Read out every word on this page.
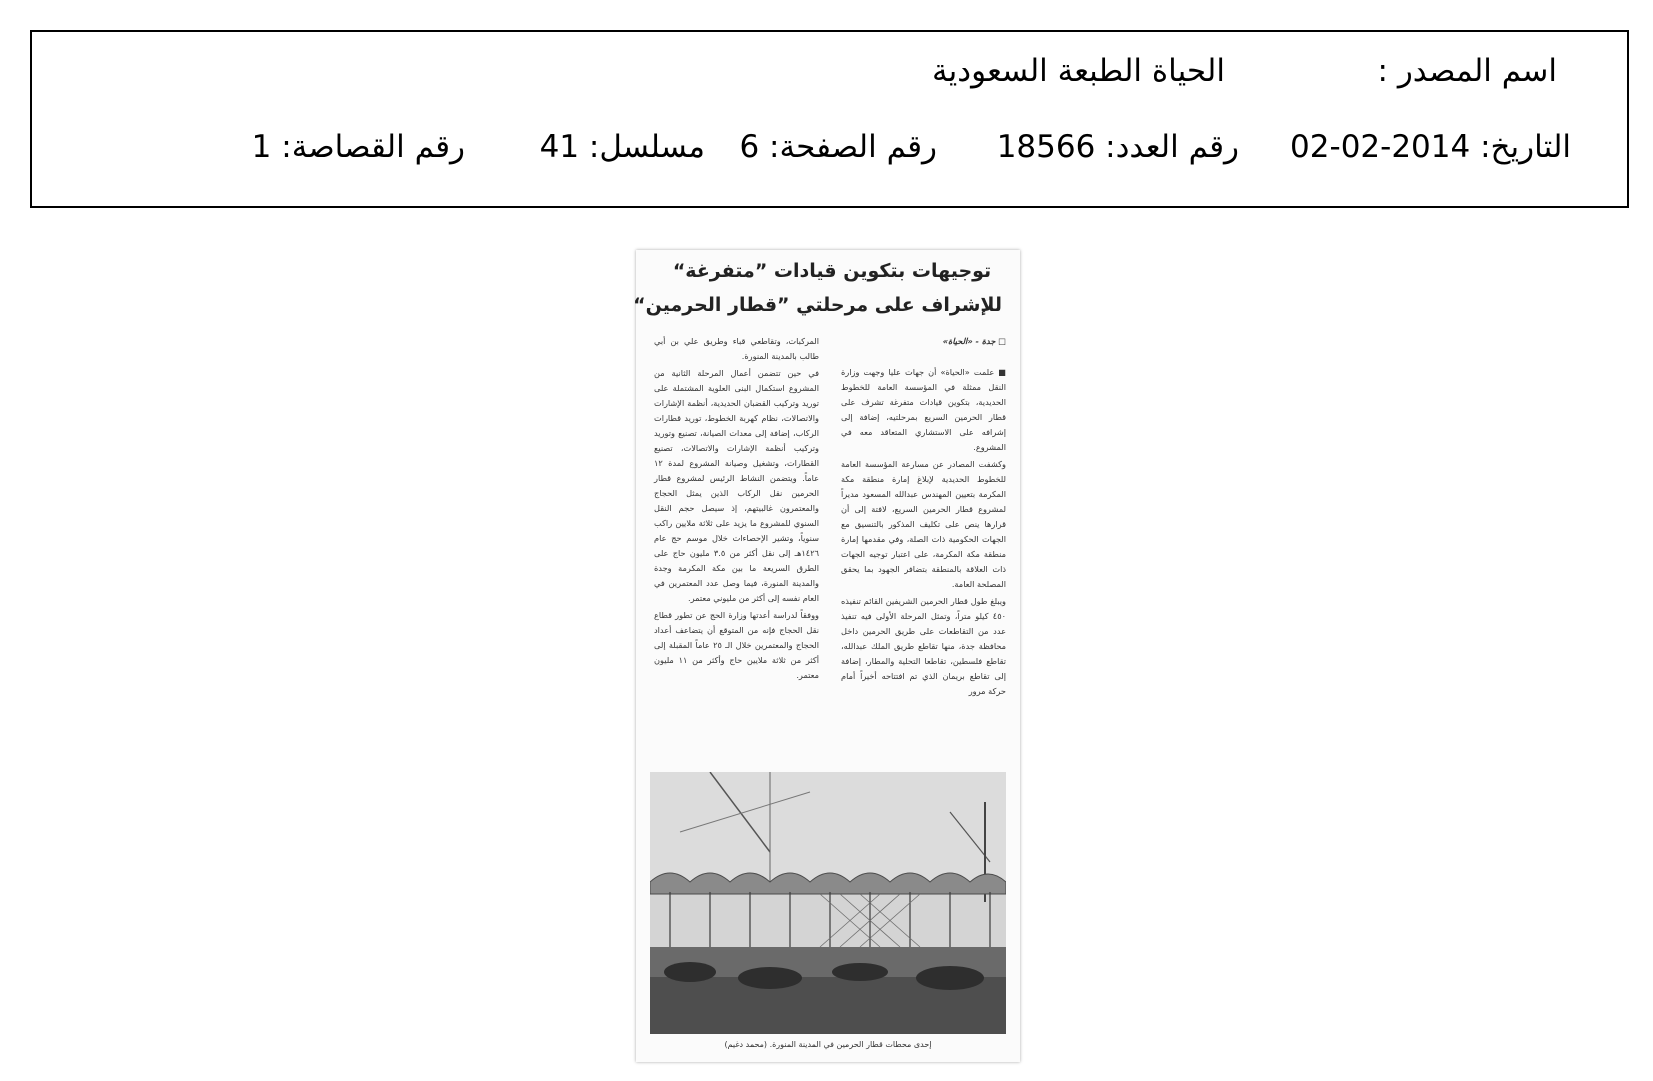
اسم المصدر :
الحياة الطبعة السعودية
التاريخ: 2014-02-02
رقم العدد: 18566
رقم الصفحة: 6
مسلسل: 41
رقم القصاصة: 1
توجيهات بتكوين قيادات ”متفرغة“
للإشراف على مرحلتي ”قطار الحرمين“
□ جدة - «الحياة»

■ علمت «الحياة» أن جهات عليا وجهت وزارة النقل ممثلة في المؤسسة العامة للخطوط الحديدية، بتكوين قيادات متفرغة تشرف على قطار الحرمين السريع بمرحلتيه، إضافة إلى إشرافه على الاستشاري المتعاقد معه في المشروع.

وكشفت المصادر عن مسارعة المؤسسة العامة للخطوط الحديدية لإبلاغ إمارة منطقة مكة المكرمة بتعيين المهندس عبدالله المسعود مديراً لمشروع قطار الحرمين السريع، لافتة إلى أن قرارها ينص على تكليف المذكور بالتنسيق مع الجهات الحكومية ذات الصلة، وفي مقدمها إمارة منطقة مكة المكرمة، على اعتبار توجيه الجهات ذات العلاقة بالمنطقة بتضافر الجهود بما يحقق المصلحة العامة.

ويبلغ طول قطار الحرمين الشريفين القائم تنفيذه ٤٥٠ كيلو متراً، وتمثل المرحلة الأولى فيه تنفيذ عدد من التقاطعات على طريق الحرمين داخل محافظة جدة، منها تقاطع طريق الملك عبدالله، تقاطع فلسطين، تقاطعا التحلية والمطار، إضافة إلى تقاطع بريمان الذي تم افتتاحه أخيراً أمام حركة مرور

المركبات، وتقاطعي قباء وطريق علي بن أبي طالب بالمدينة المنورة.

في حين تتضمن أعمال المرحلة الثانية من المشروع استكمال البنى العلوية المشتملة على توريد وتركيب القضبان الحديدية، أنظمة الإشارات والاتصالات، نظام كهربة الخطوط، توريد قطارات الركاب، إضافة إلى معدات الصيانة، تصنيع وتوريد وتركيب أنظمة الإشارات والاتصالات، تصنيع القطارات، وتشغيل وصيانة المشروع لمدة ١٢ عاماً. ويتضمن النشاط الرئيس لمشروع قطار الحرمين نقل الركاب الذين يمثل الحجاج والمعتمرون غالبيتهم، إذ سيصل حجم النقل السنوي للمشروع ما يزيد على ثلاثة ملايين راكب سنوياً، وتشير الإحصاءات خلال موسم حج عام ١٤٢٦هـ إلى نقل أكثر من ٣.٥ مليون حاج على الطرق السريعة ما بين مكة المكرمة وجدة والمدينة المنورة، فيما وصل عدد المعتمرين في العام نفسه إلى أكثر من مليوني معتمر.

ووفقاً لدراسة أعدتها وزارة الحج عن تطور قطاع نقل الحجاج فإنه من المتوقع أن يتضاعف أعداد الحجاج والمعتمرين خلال الـ ٢٥ عاماً المقبلة إلى أكثر من ثلاثة ملايين حاج وأكثر من ١١ مليون معتمر.

إحدى محطات قطار الحرمين في المدينة المنورة. (محمد دغيم)
